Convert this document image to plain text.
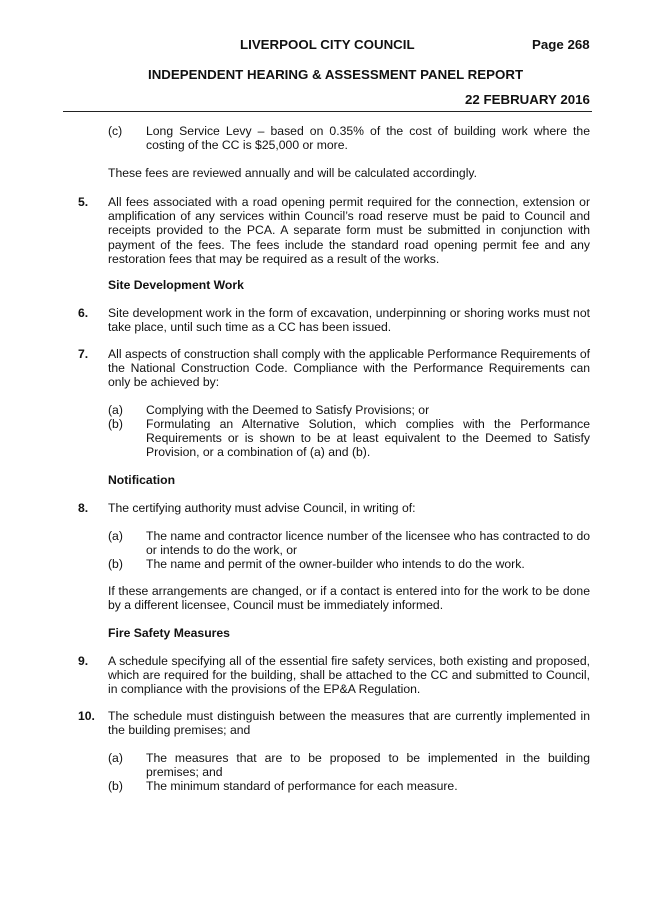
LIVERPOOL CITY COUNCIL	Page 268
INDEPENDENT HEARING & ASSESSMENT PANEL REPORT
22 FEBRUARY 2016
(c) Long Service Levy – based on 0.35% of the cost of building work where the costing of the CC is $25,000 or more.
These fees are reviewed annually and will be calculated accordingly.
5. All fees associated with a road opening permit required for the connection, extension or amplification of any services within Council’s road reserve must be paid to Council and receipts provided to the PCA. A separate form must be submitted in conjunction with payment of the fees. The fees include the standard road opening permit fee and any restoration fees that may be required as a result of the works.
Site Development Work
6. Site development work in the form of excavation, underpinning or shoring works must not take place, until such time as a CC has been issued.
7. All aspects of construction shall comply with the applicable Performance Requirements of the National Construction Code. Compliance with the Performance Requirements can only be achieved by:
(a) Complying with the Deemed to Satisfy Provisions; or
(b) Formulating an Alternative Solution, which complies with the Performance Requirements or is shown to be at least equivalent to the Deemed to Satisfy Provision, or a combination of (a) and (b).
Notification
8. The certifying authority must advise Council, in writing of:
(a) The name and contractor licence number of the licensee who has contracted to do or intends to do the work, or
(b) The name and permit of the owner-builder who intends to do the work.
If these arrangements are changed, or if a contact is entered into for the work to be done by a different licensee, Council must be immediately informed.
Fire Safety Measures
9. A schedule specifying all of the essential fire safety services, both existing and proposed, which are required for the building, shall be attached to the CC and submitted to Council, in compliance with the provisions of the EP&A Regulation.
10. The schedule must distinguish between the measures that are currently implemented in the building premises; and
(a) The measures that are to be proposed to be implemented in the building premises; and
(b) The minimum standard of performance for each measure.
